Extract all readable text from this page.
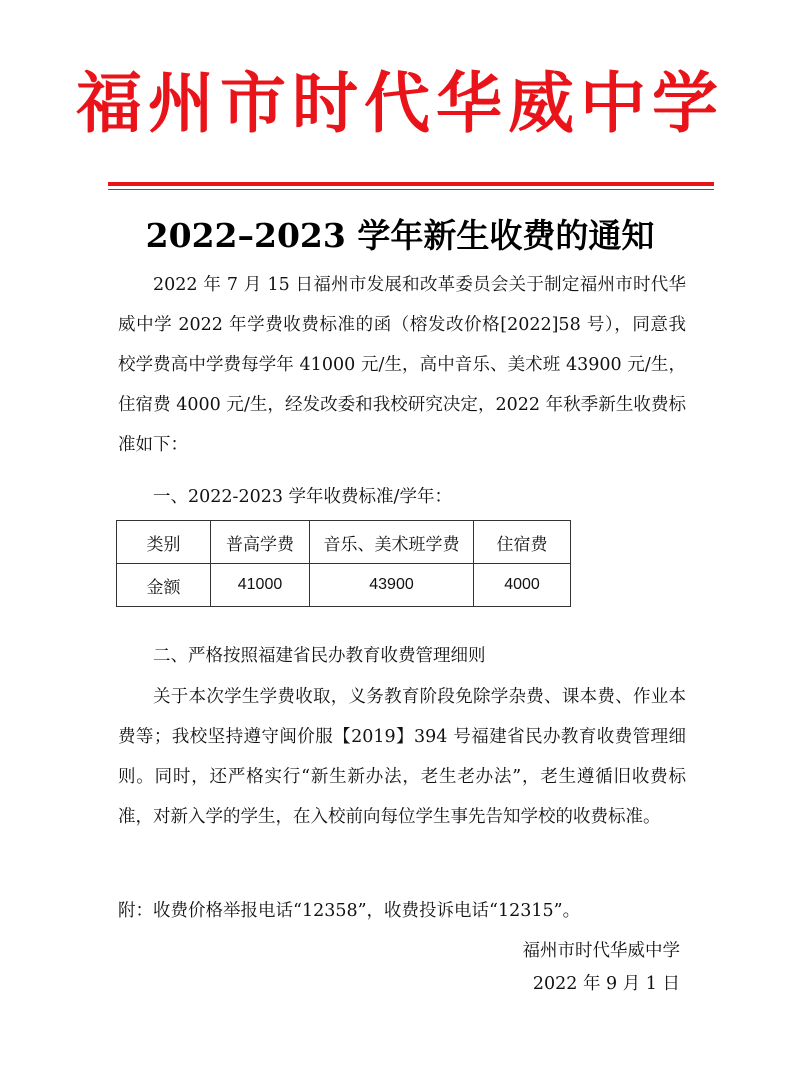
福州市时代华威中学
2022–2023 学年新生收费的通知
2022 年 7 月 15 日福州市发展和改革委员会关于制定福州市时代华威中学 2022 年学费收费标准的函（榕发改价格[2022]58 号），同意我校学费高中学费每学年 41000 元/生，高中音乐、美术班 43900 元/生，住宿费 4000 元/生，经发改委和我校研究决定，2022 年秋季新生收费标准如下：
一、2022-2023 学年收费标准/学年：
类别	普高学费	音乐、美术班学费	住宿费
金额	41000	43900	4000
二、严格按照福建省民办教育收费管理细则
关于本次学生学费收取，义务教育阶段免除学杂费、课本费、作业本费等；我校坚持遵守闽价服【2019】394 号福建省民办教育收费管理细则。同时，还严格实行“新生新办法，老生老办法”，老生遵循旧收费标准，对新入学的学生，在入校前向每位学生事先告知学校的收费标准。
附：收费价格举报电话“12358”，收费投诉电话“12315”。
福州市时代华威中学
2022 年 9 月 1 日
